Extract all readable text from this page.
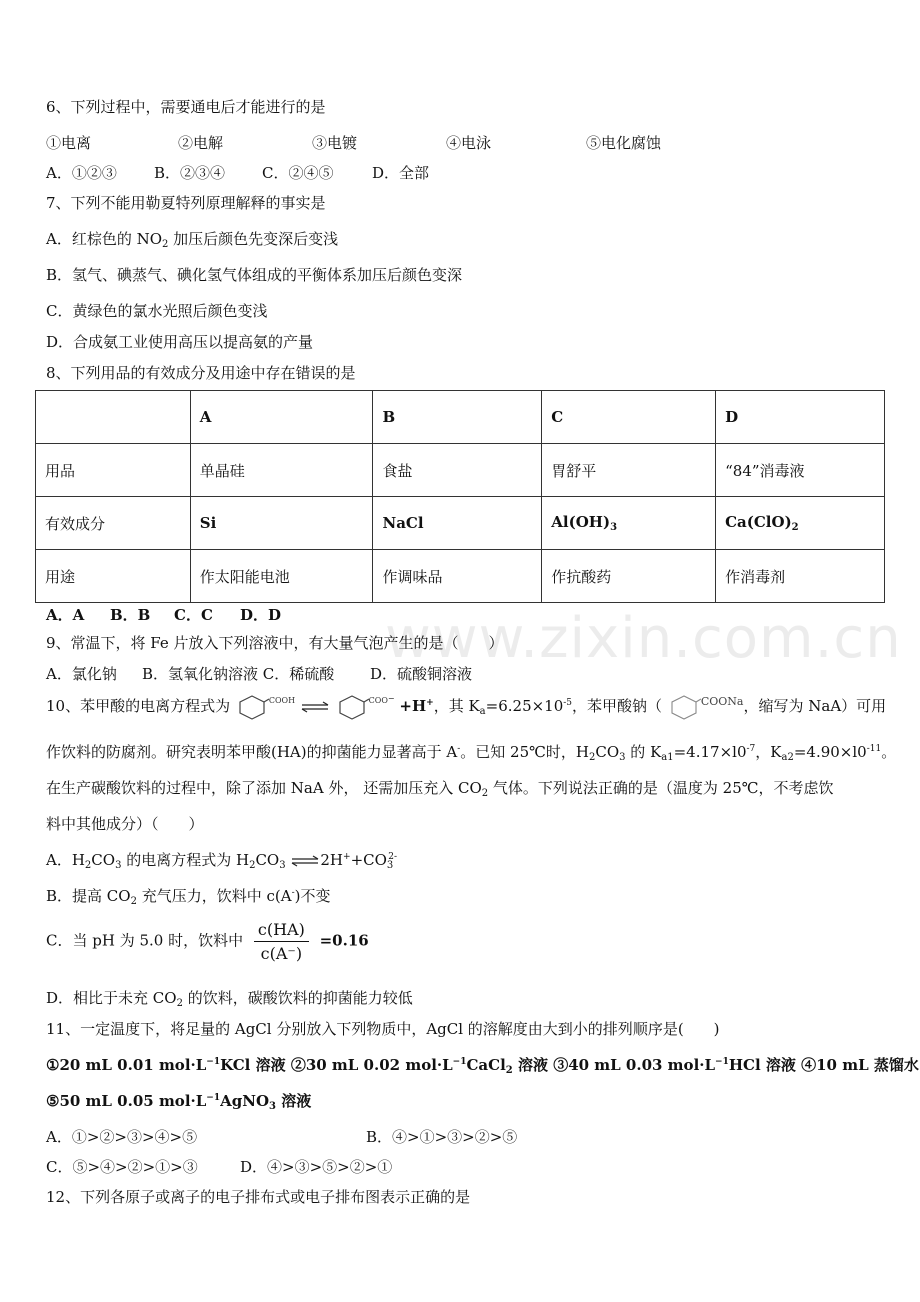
www.zixin.com.cn
6、下列过程中，需要通电后才能进行的是
①电离	②电解	③电镀	④电泳	⑤电化腐蚀
A．①②③ B．②③④ C．②④⑤	D．全部
7、下列不能用勒夏特列原理解释的事实是
A．红棕色的 $NO_2$ 加压后颜色先变深后变浅
B．氢气、碘蒸气、碘化氢气体组成的平衡体系加压后颜色变深
C．黄绿色的氯水光照后颜色变浅
D．合成氨工业使用高压以提高氨的产量
8、下列用品的有效成分及用途中存在错误的是
	A	B	C	D
用品	单晶硅	食盐	胃舒平	“84”消毒液
有效成分	Si	NaCl	$Al(OH)_3$	$Ca(ClO)_2$
用途	作太阳能电池	作调味品	作抗酸药	作消毒剂
A．A B．B C．C D．D
9、常温下，将 Fe 片放入下列溶液中，有大量气泡产生的是（　　）
A．氯化钠 B．氢氧化钠溶液 C．稀硫酸 D．硫酸铜溶液
10、苯甲酸的电离方程式为	$^{COOH}$ ⇌	$^{COO-}$ +H+，其 $K_a=6.25\times 10^{-5}$，苯甲酸钠（	$^{COONa}$，缩写为 NaA）可用
作饮料的防腐剂。研究表明苯甲酸(HA)的抑菌能力显著高于 A-。已知 25℃时，$H_2CO_3$ 的 $K_{a1}=4.17\times l0^{-7}$，$K_{a2}=4.90\times l0^{-11}$。
在生产碳酸饮料的过程中，除了添加 NaA 外， 还需加压充入 $CO_2$ 气体。下列说法正确的是（温度为 25℃，不考虑饮
料中其他成分）（　　）
A．$H_2CO_3$ 的电离方程式为 $H_2CO_3$ $\rightleftharpoons 2H^++CO_3^{2-}$
B．提高 $CO_2$ 充气压力，饮料中 c(A-)不变
C．当 pH 为 5.0 时，饮料中 $\frac{c(HA)}{c(A^-)} =0.16$
D．相比于未充 $CO_2$ 的饮料，碳酸饮料的抑菌能力较低
11、一定温度下，将足量的 AgCl 分别放入下列物质中，AgCl 的溶解度由大到小的排列顺序是(　　)
①20 mL 0.01 $mol\cdot L^{-1}KCl$ 溶液 ②30 mL 0.02 $mol\cdot L^{-1}CaCl_2$ 溶液 ③40 mL 0.03 $mol\cdot L^{-1}HCl$ 溶液 ④10 mL 蒸馏水
⑤50 mL 0.05 $mol\cdot L^{-1}AgNO_3$ 溶液
A．①>②>③>④>⑤	B．④>①>③>②>⑤
C．⑤>④>②>①>③	D．④>③>⑤>②>①
12、下列各原子或离子的电子排布式或电子排布图表示正确的是
